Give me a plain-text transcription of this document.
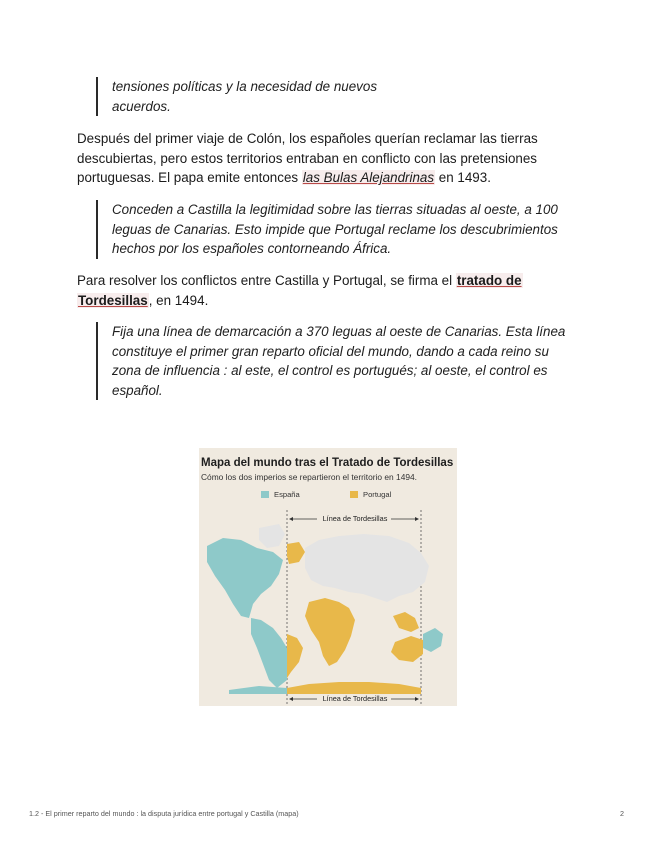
tensiones políticas y la necesidad de nuevos
acuerdos.
Después del primer viaje de Colón, los españoles querían reclamar las tierras
descubiertas, pero estos territorios entraban en conflicto con las pretensiones
portuguesas. El papa emite entonces las Bulas Alejandrinas en 1493.
Conceden a Castilla la legitimidad sobre las tierras situadas al oeste, a 100
leguas de Canarias. Esto impide que Portugal reclame los descubrimientos
hechos por los españoles contorneando África.
Para resolver los conflictos entre Castilla y Portugal, se firma el tratado de
Tordesillas, en 1494.
Fija una línea de demarcación a 370 leguas al oeste de Canarias. Esta línea
constituye el primer gran reparto oficial del mundo, dando a cada reino su
zona de influencia : al este, el control es portugués; al oeste, el control es
español.
Mapa del mundo tras el Tratado de Tordesillas
Cómo los dos imperios se repartieron el territorio en 1494.
España	Portugal
Línea de Tordesillas
Línea de Tordesillas
1.2 - El primer reparto del mundo : la disputa jurídica entre portugal y Castilla (mapa)	2
